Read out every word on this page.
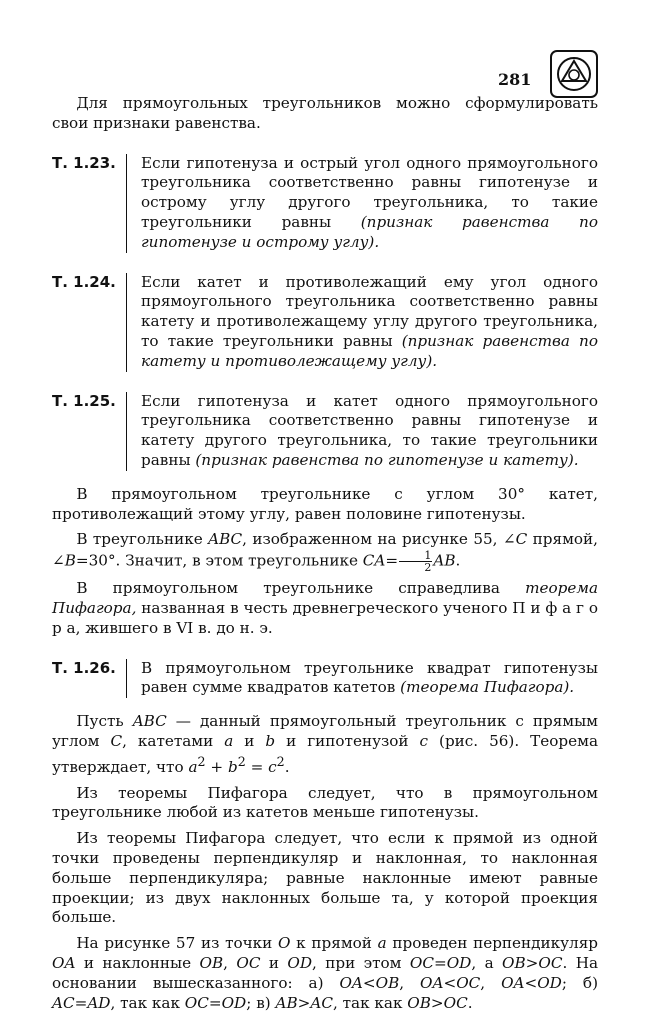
281

Для прямоугольных треугольников можно сформулировать свои признаки равенства.

Т. 1.23.	Если гипотенуза и острый угол одного прямоугольного треугольника соответственно равны гипотенузе и острому углу другого треугольника, то такие треугольники равны (признак равенства по гипотенузе и острому углу).
Т. 1.24.	Если катет и противолежащий ему угол одного прямоугольного треугольника соответственно равны катету и противолежащему углу другого треугольника, то такие треугольники равны (признак равенства по катету и противолежащему углу).
Т. 1.25.	Если гипотенуза и катет одного прямоугольного треугольника соответственно равны гипотенузе и катету другого треугольника, то такие треугольники равны (признак равенства по гипотенузе и катету).

В прямоугольном треугольнике с углом 30° катет, противолежащий этому углу, равен половине гипотенузы.

В треугольнике ABC, изображенном на рисунке 55, ∠C прямой, ∠B=30°. Значит, в этом треугольнике $CA= \frac{1}{2}$ AB.

В прямоугольном треугольнике справедлива теорема Пифагора, названная в честь древнегреческого ученого П и ф а г о р а, жившего в VI в. до н. э.

Т. 1.26.	В прямоугольном треугольнике квадрат гипотенузы равен сумме квадратов катетов (теорема Пифагора).

Пусть ABC — данный прямоугольный треугольник с прямым углом C, катетами a и b и гипотенузой c (рис. 56). Теорема утверждает, что $a^2 + b^2 = c^2$.

Из теоремы Пифагора следует, что в прямоугольном треугольнике любой из катетов меньше гипотенузы.

Из теоремы Пифагора следует, что если к прямой из одной точки проведены перпендикуляр и наклонная, то наклонная больше перпендикуляра; равные наклонные имеют равные проекции; из двух наклонных больше та, у которой проекция больше.

На рисунке 57 из точки O к прямой a проведен перпендикуляр OA и наклонные OB, OC и OD, при этом OC=OD, а OB>OC. На основании вышесказанного: а) OA<OB, OA<OC, OA<OD; б) AC=AD, так как OC=OD; в) AB>AC, так как OB>OC.
